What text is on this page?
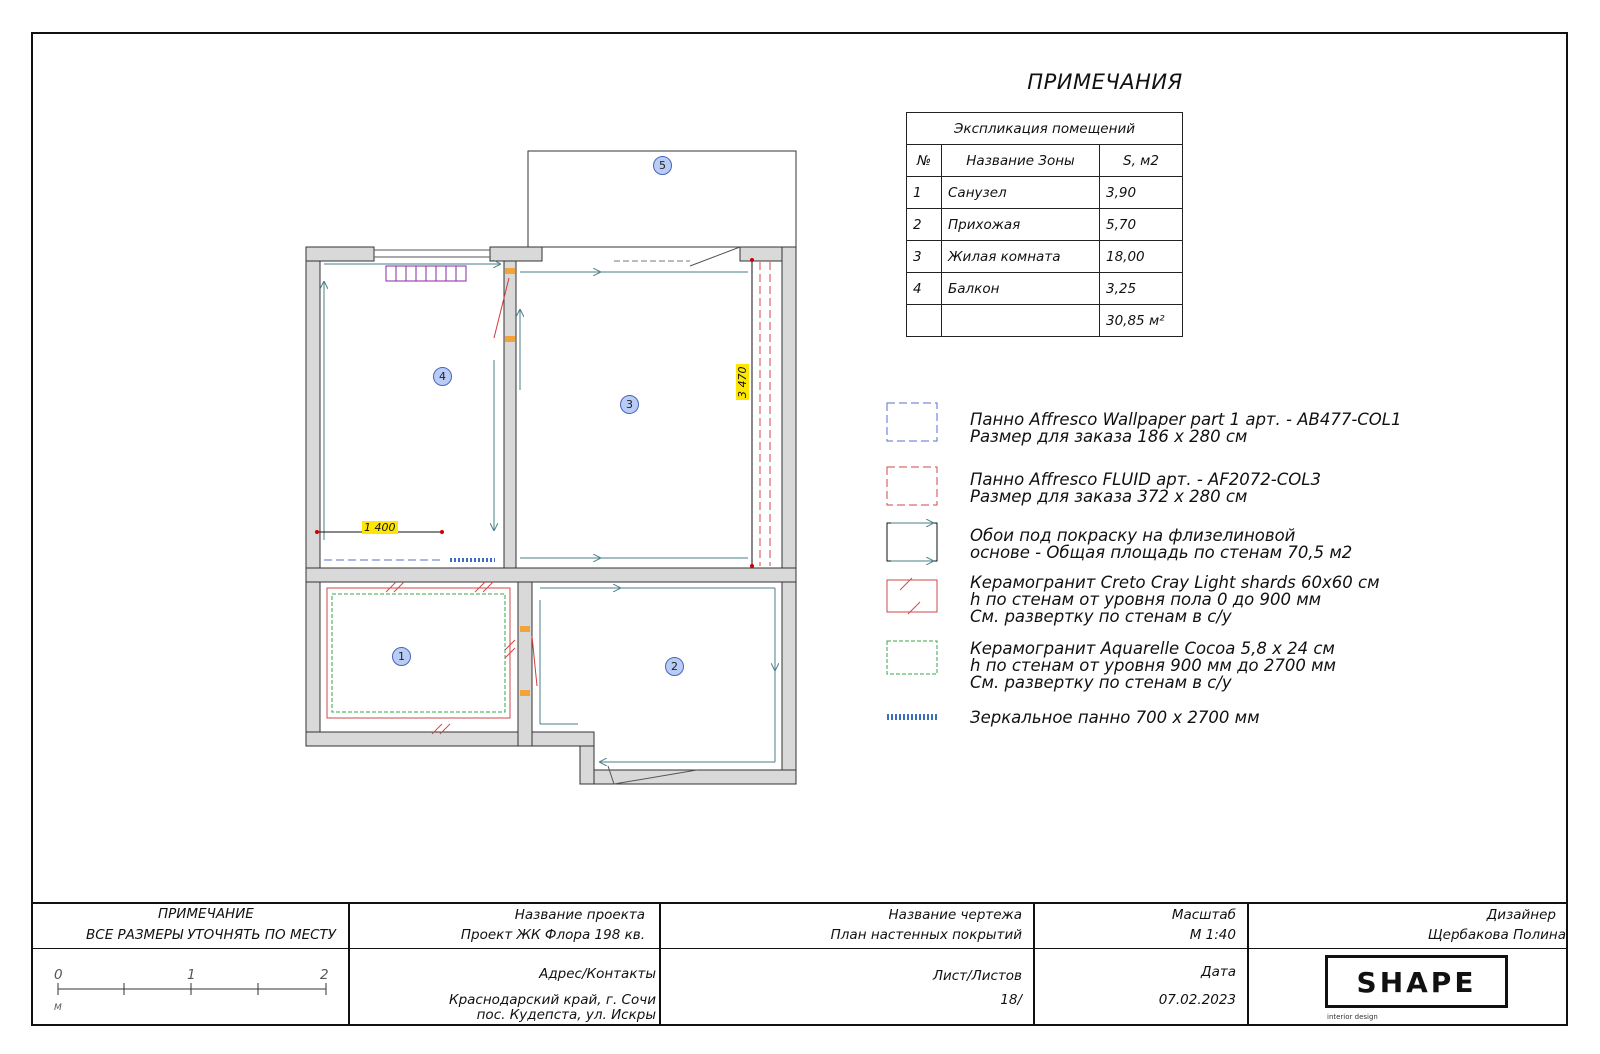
5
4
3
1
2
1 400
3 470
ПРИМЕЧАНИЯ
Экспликация помещений		
№	Название Зоны	S, м2
1	Санузел	3,90
2	Прихожая	5,70
3	Жилая комната	18,00
4	Балкон	3,25
		30,85 м²
Панно Affresco Wallpaper part 1 арт. - AB477-COL1
Размер для заказа 186 х 280 см
Панно Affresco FLUID арт. - AF2072-COL3
Размер для заказа 372 х 280 см
Обои под покраску на флизелиновой
основе - Общая площадь по стенам 70,5 м2
Керамогранит Creto Cray Light shards 60x60 см
h по стенам от уровня пола 0 до 900 мм
См. развертку по стенам в с/у
Керамогранит Aquarelle Cocoa 5,8 х 24 см
h по стенам от уровня 900 мм до 2700 мм
См. развертку по стенам в с/у
Зеркальное панно 700 х 2700 мм
ПРИМЕЧАНИЕ
ВСЕ РАЗМЕРЫ УТОЧНЯТЬ ПО МЕСТУ
Название проекта
Проект ЖК Флора 198 кв.
Название чертежа
План настенных покрытий
Масштаб
М 1:40
Дизайнер
Щербакова Полина
Адрес/Контакты
Краснодарский край, г. Сочи
пос. Кудепста, ул. Искры
Лист/Листов
18/
Дата
07.02.2023
0	1	2
М
SHAPE
interior design
